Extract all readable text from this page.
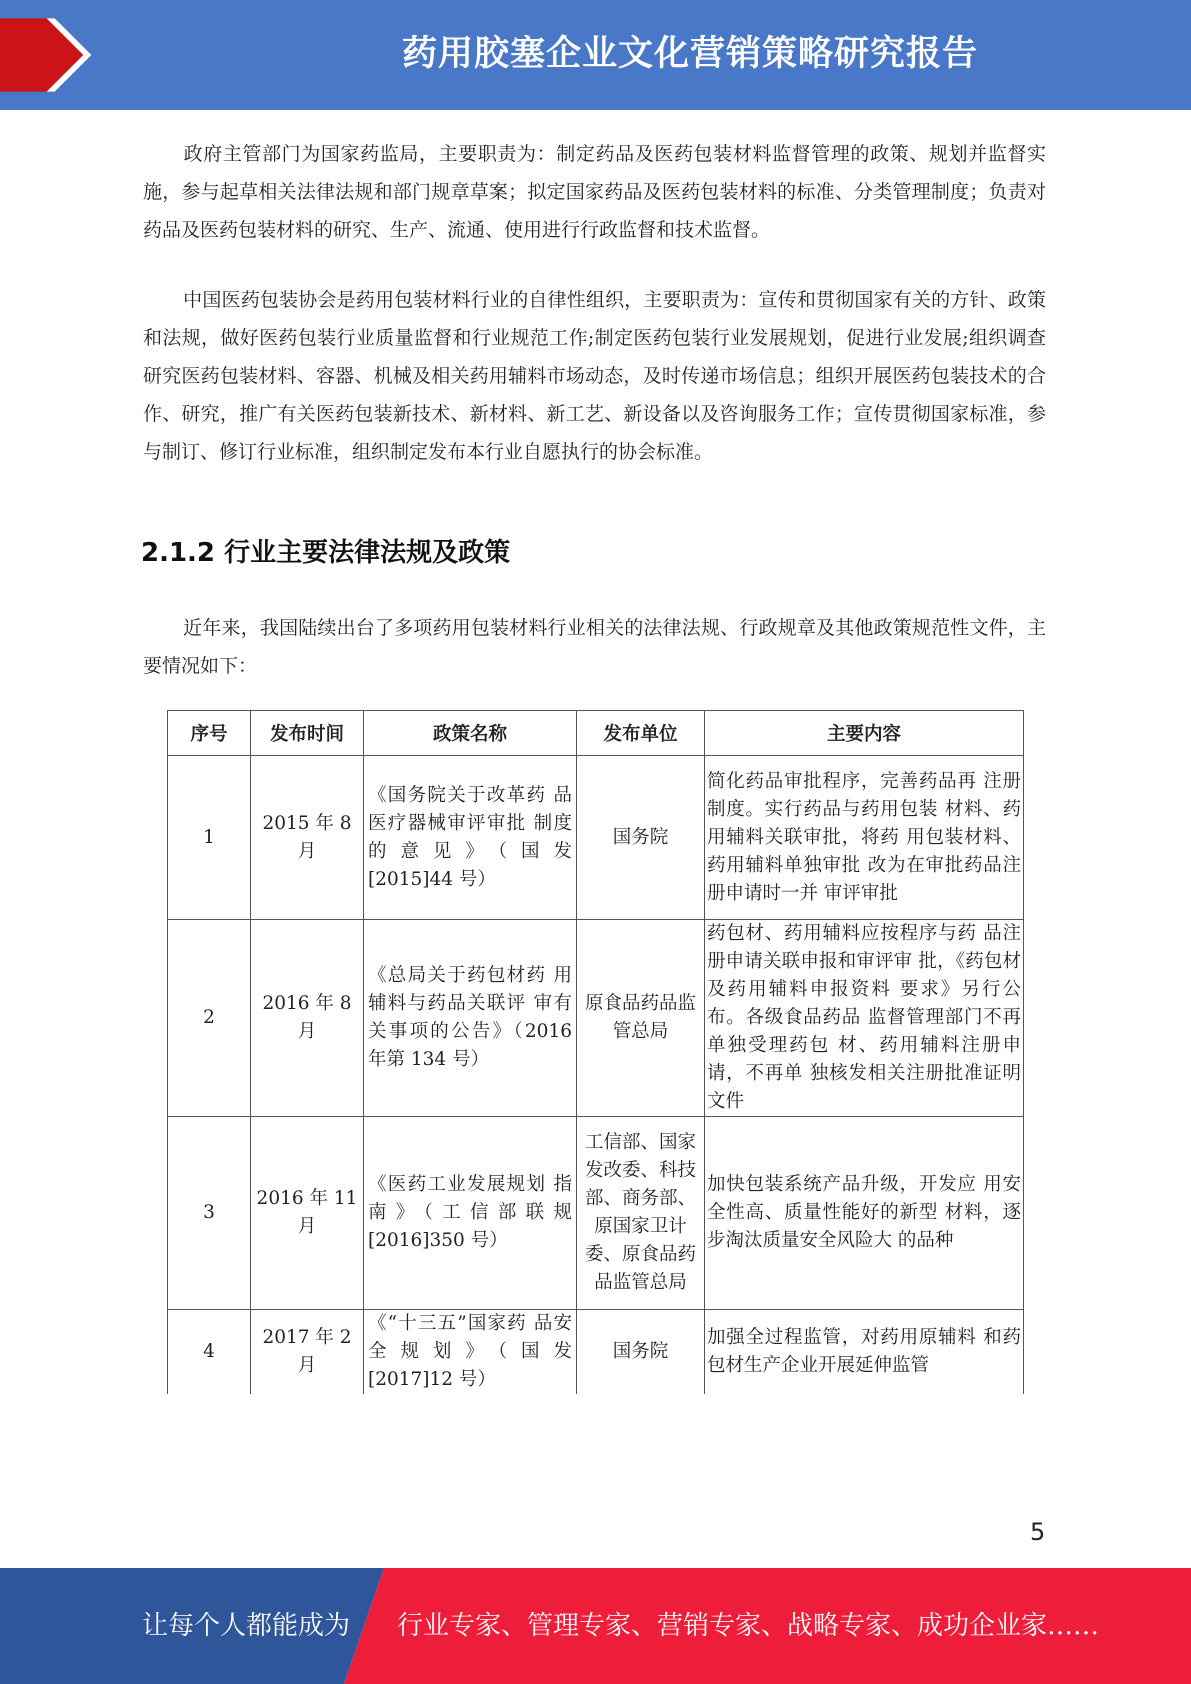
药用胶塞企业文化营销策略研究报告

政府主管部门为国家药监局，主要职责为：制定药品及医药包装材料监督管理的政策、规划并监督实施，参与起草相关法律法规和部门规章草案；拟定国家药品及医药包装材料的标准、分类管理制度；负责对药品及医药包装材料的研究、生产、流通、使用进行行政监督和技术监督。

中国医药包装协会是药用包装材料行业的自律性组织，主要职责为：宣传和贯彻国家有关的方针、政策和法规，做好医药包装行业质量监督和行业规范工作;制定医药包装行业发展规划，促进行业发展;组织调查研究医药包装材料、容器、机械及相关药用辅料市场动态，及时传递市场信息；组织开展医药包装技术的合作、研究，推广有关医药包装新技术、新材料、新工艺、新设备以及咨询服务工作；宣传贯彻国家标准，参与制订、修订行业标准，组织制定发布本行业自愿执行的协会标准。

2.1.2 行业主要法律法规及政策

近年来，我国陆续出台了多项药用包装材料行业相关的法律法规、行政规章及其他政策规范性文件，主要情况如下：

序号	发布时间	政策名称	发布单位	主要内容
1	2015 年 8 月	《国务院关于改革药 品医疗器械审评审批 制度的意见》（国发[2015]44 号）	国务院	简化药品审批程序，完善药品再 注册制度。实行药品与药用包装 材料、药用辅料关联审批，将药 用包装材料、药用辅料单独审批 改为在审批药品注册申请时一并 审评审批

2	2016 年 8 月	《总局关于药包材药 用辅料与药品关联评 审有关事项的公告》（2016 年第 134 号）	原食品药品监管总局	药包材、药用辅料应按程序与药 品注册申请关联申报和审评审 批，《药包材及药用辅料申报资料 要求》另行公布。各级食品药品 监督管理部门不再单独受理药包 材、药用辅料注册申请，不再单 独核发相关注册批准证明文件

3	2016 年 11 月	《医药工业发展规划 指南》（工信部联规[2016]350 号）	工信部、国家发改委、科技部、商务部、原国家卫计委、原食品药品监管总局	加快包装系统产品升级，开发应 用安全性高、质量性能好的新型 材料，逐步淘汰质量安全风险大 的品种

4	2017 年 2 月	《“十三五”国家药 品安全规划》（国发[2017]12 号）	国务院	加强全过程监管，对药用原辅料 和药包材生产企业开展延伸监管
5
让每个人都能成为 行业专家、管理专家、营销专家、战略专家、成功企业家……
